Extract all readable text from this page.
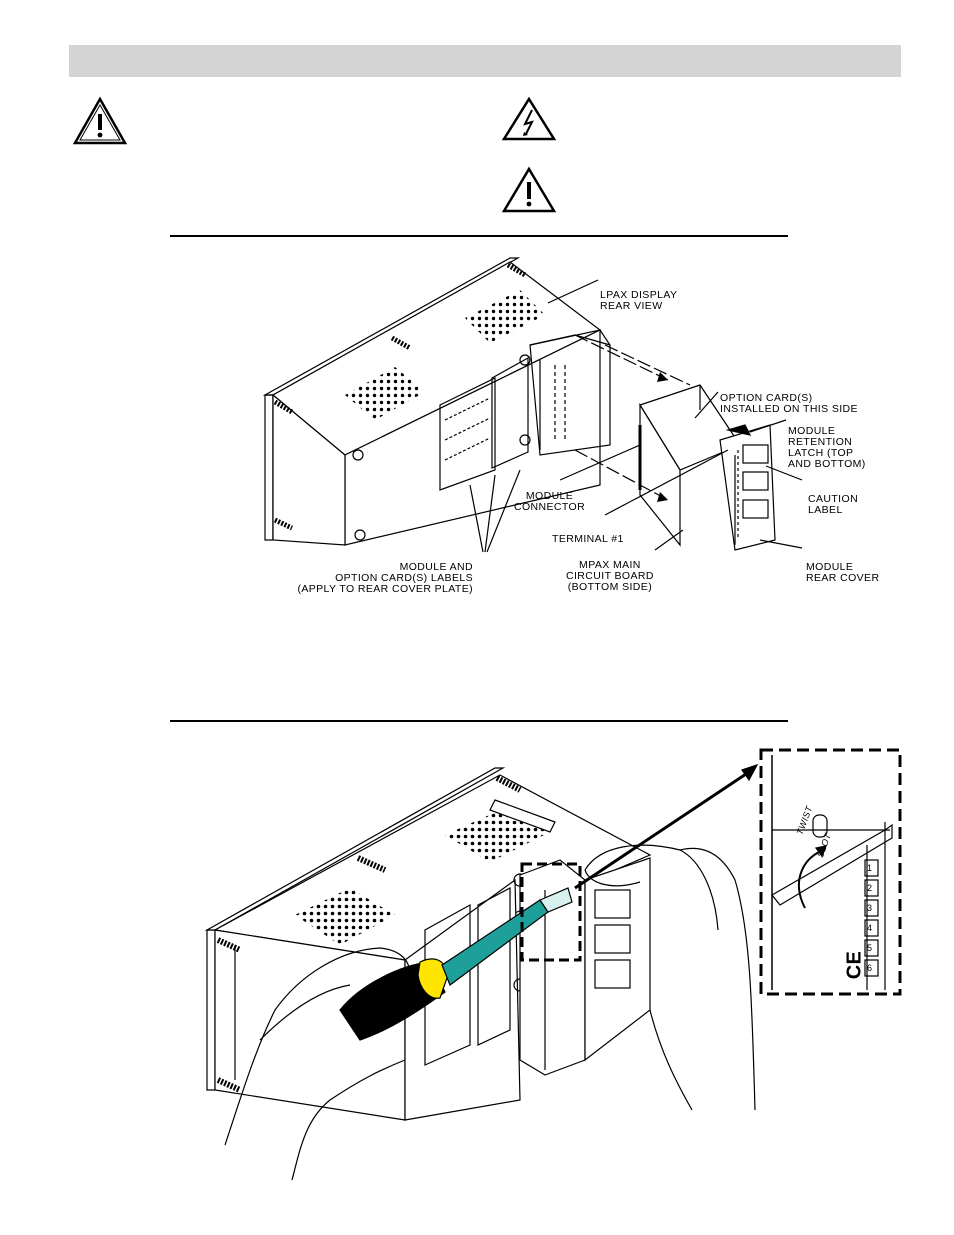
LPAX DISPLAY
REAR VIEW

OPTION CARD(S)
INSTALLED ON THIS SIDE

MODULE
RETENTION
LATCH (TOP
AND BOTTOM)

CAUTION
LABEL

MODULE
CONNECTOR

TERMINAL #1

MPAX MAIN
CIRCUIT BOARD
(BOTTOM SIDE)

MODULE
REAR COVER

MODULE AND
OPTION CARD(S) LABELS
(APPLY TO REAR COVER PLATE)

TWIST
SLOT
1
2
3
4
5
6
CE
